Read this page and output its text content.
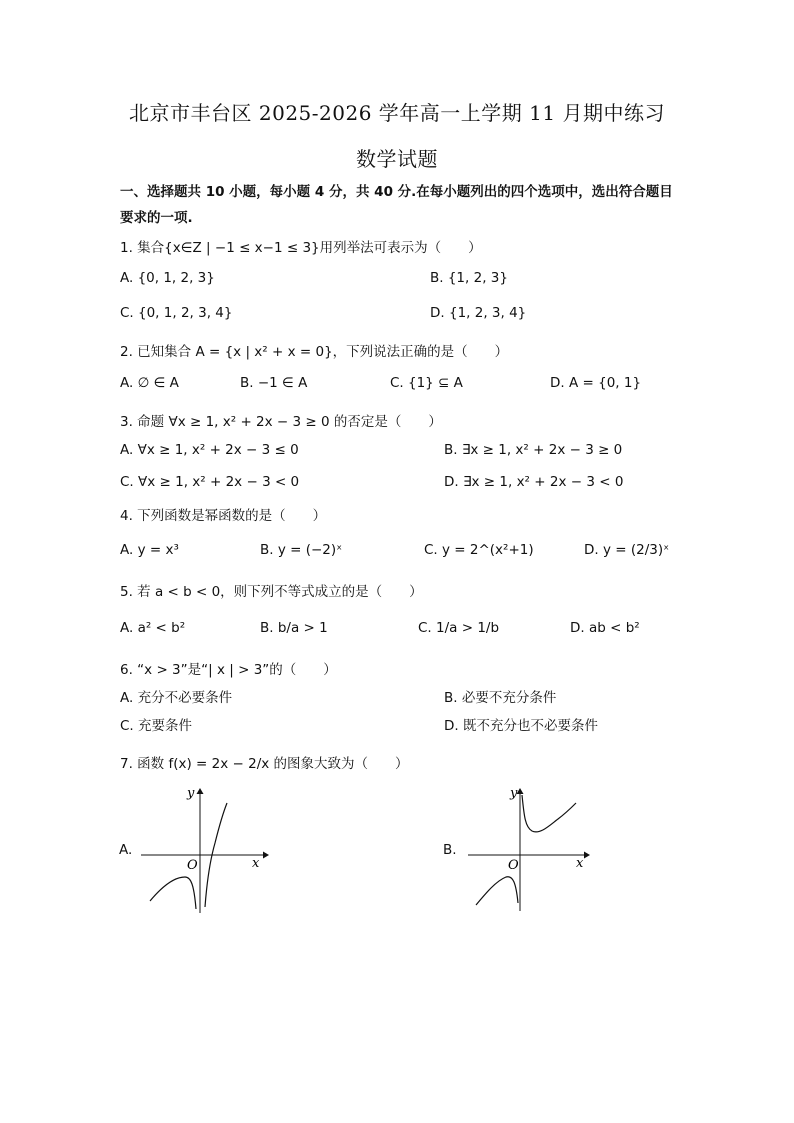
北京市丰台区 2025-2026 学年高一上学期 11 月期中练习
数学试题
一、选择题共 10 小题，每小题 4 分，共 40 分.在每小题列出的四个选项中，选出符合题目
要求的一项.
1. 集合{x∈Z | −1 ≤ x−1 ≤ 3}用列举法可表示为（　　）
A. {0, 1, 2, 3}	B. {1, 2, 3}
C. {0, 1, 2, 3, 4}	D. {1, 2, 3, 4}
2. 已知集合 A = {x | x² + x = 0}，下列说法正确的是（　　）
A. ∅ ∈ A	B. −1 ∈ A	C. {1} ⊆ A	D. A = {0, 1}
3. 命题 ∀x ≥ 1, x² + 2x − 3 ≥ 0 的否定是（　　）
A. ∀x ≥ 1, x² + 2x − 3 ≤ 0	B. ∃x ≥ 1, x² + 2x − 3 ≥ 0
C. ∀x ≥ 1, x² + 2x − 3 < 0	D. ∃x ≥ 1, x² + 2x − 3 < 0
4. 下列函数是幂函数的是（　　）
A. y = x³	B. y = (−2)ˣ	C. y = 2^(x²+1)	D. y = (2/3)ˣ
5. 若 a < b < 0，则下列不等式成立的是（　　）
A. a² < b²	B. b/a > 1	C. 1/a > 1/b	D. ab < b²
6. “x > 3”是“| x | > 3”的（　　）
A. 充分不必要条件	B. 必要不充分条件
C. 充要条件	D. 既不充分也不必要条件
7. 函数 f(x) = 2x − 2/x 的图象大致为（　　）
A.	B.
y
x
O
y
x
O
